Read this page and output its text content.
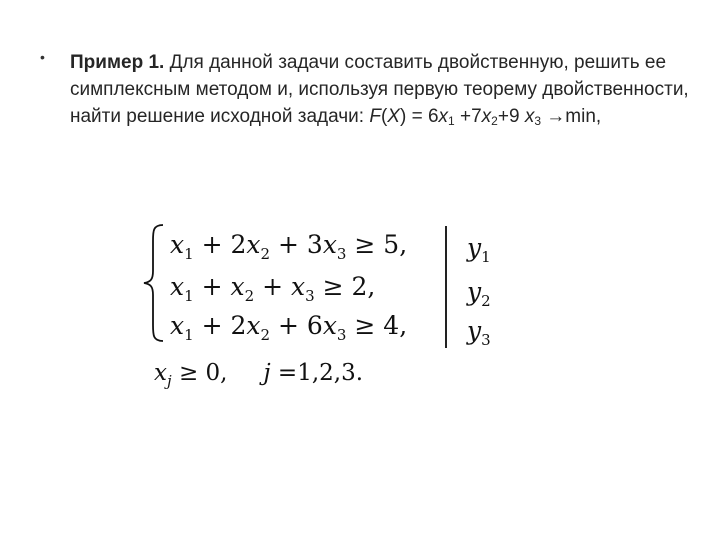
• Пример 1. Для данной задачи составить двойственную, решить ее симплексным методом и, используя первую теорему двойственности, найти решение исходной задачи: $F(X) = 6x_1 +7x_2+9$ $x_3 \to\min$,
$x_1 + 2x_2 + 3x_3 \ge 5$,
$x_1 + x_2 + x_3 \ge 2$,
$x_1 + 2x_2 + 6x_3 \ge 4$,
$y_1$
$y_2$
$y_3$
$x_j \ge 0$, j =1,2,3.
